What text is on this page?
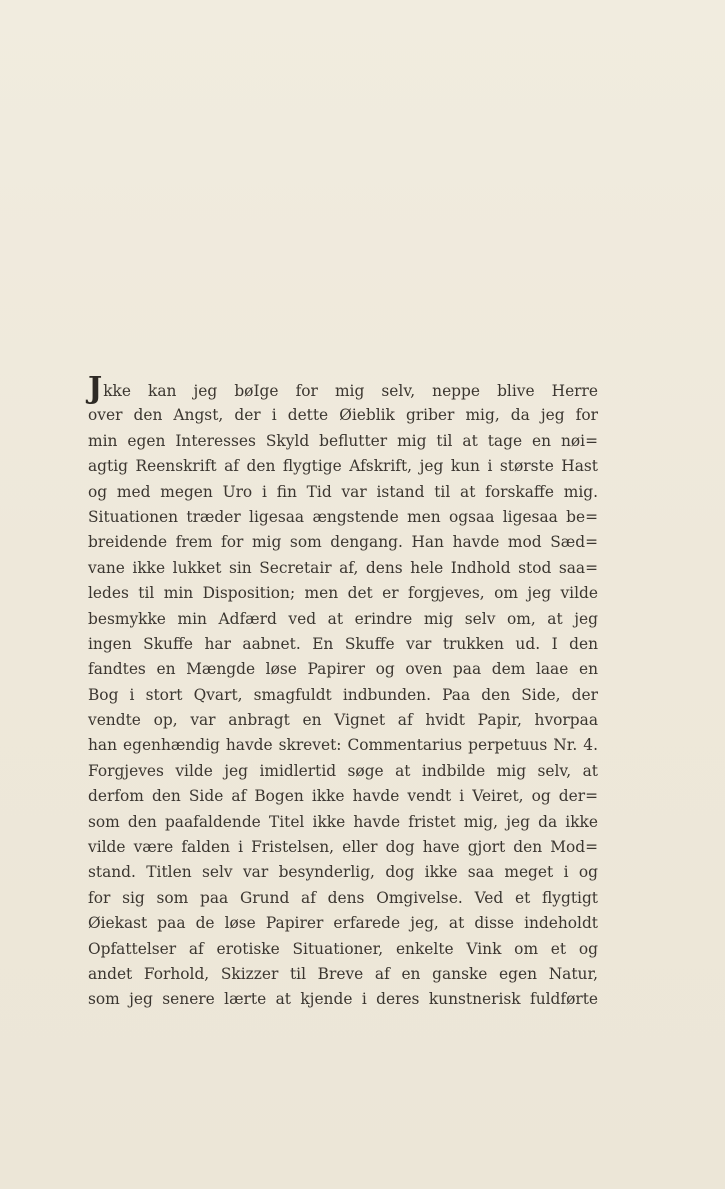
Jkke kan jeg bøIge for mig selv, neppe blive Herre
over den Angst, der i dette Øieblik griber mig, da jeg for
min egen Interesses Skyld beflutter mig til at tage en nøi=
agtig Reenskrift af den flygtige Afskrift, jeg kun i største Hast
og med megen Uro i fin Tid var istand til at forskaffe mig.
Situationen træder ligesaa ængstende men ogsaa ligesaa be=
breidende frem for mig som dengang. Han havde mod Sæd=
vane ikke lukket sin Secretair af, dens hele Indhold stod saa=
ledes til min Disposition; men det er forgjeves, om jeg vilde
besmykke min Adfærd ved at erindre mig selv om, at jeg
ingen Skuffe har aabnet. En Skuffe var trukken ud. I den
fandtes en Mængde løse Papirer og oven paa dem laae en
Bog i stort Qvart, smagfuldt indbunden. Paa den Side, der
vendte op, var anbragt en Vignet af hvidt Papir, hvorpaa
han egenhændig havde skrevet: Commentarius perpetuus Nr. 4.
Forgjeves vilde jeg imidlertid søge at indbilde mig selv, at
derfom den Side af Bogen ikke havde vendt i Veiret, og der=
som den paafaldende Titel ikke havde fristet mig, jeg da ikke
vilde være falden i Fristelsen, eller dog have gjort den Mod=
stand. Titlen selv var besynderlig, dog ikke saa meget i og
for sig som paa Grund af dens Omgivelse. Ved et flygtigt
Øiekast paa de løse Papirer erfarede jeg, at disse indeholdt
Opfattelser af erotiske Situationer, enkelte Vink om et og
andet Forhold, Skizzer til Breve af en ganske egen Natur,
som jeg senere lærte at kjende i deres kunstnerisk fuldførte
